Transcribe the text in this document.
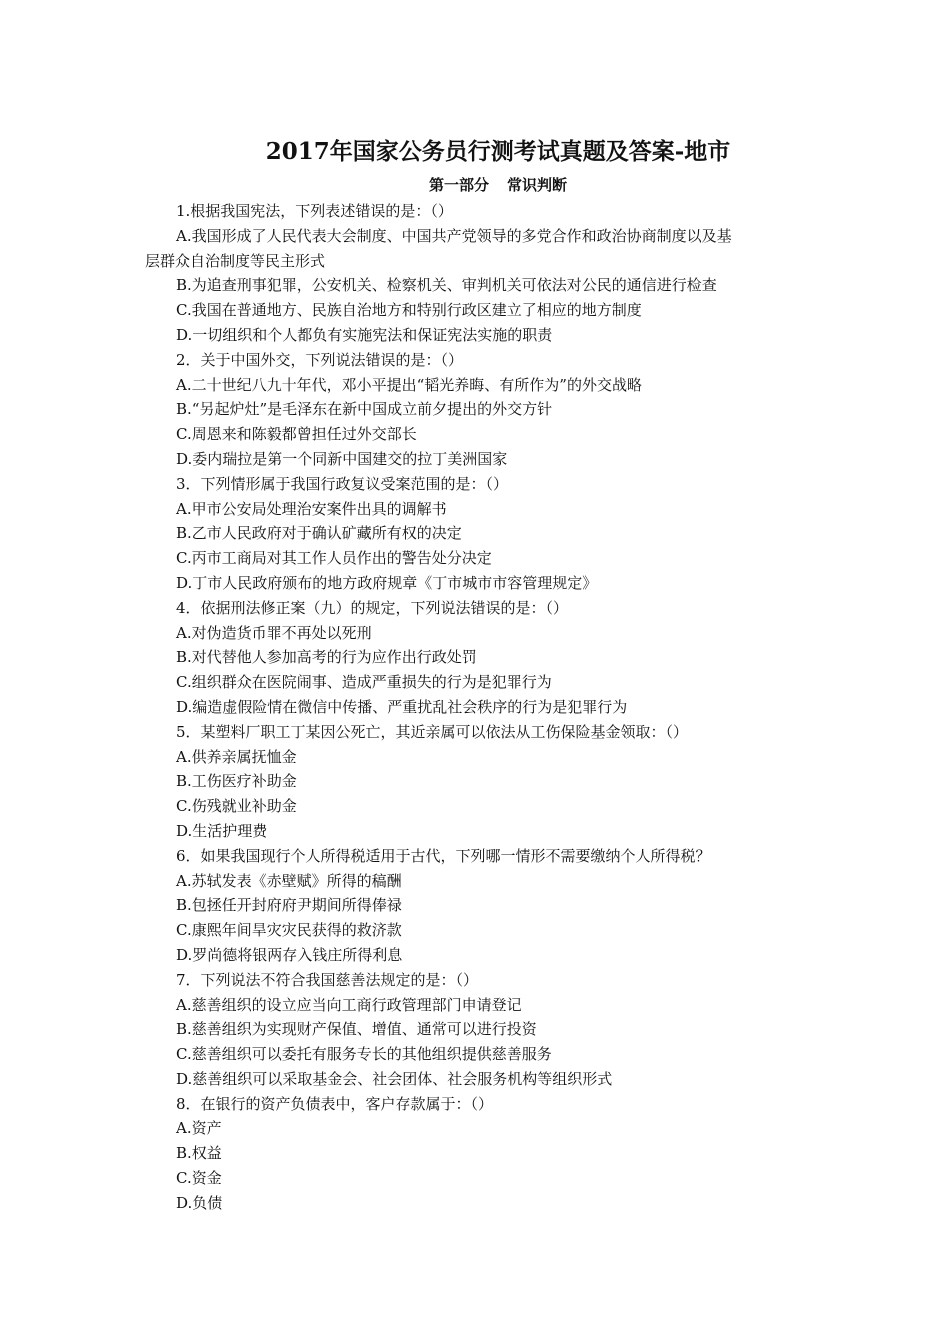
2017年国家公务员行测考试真题及答案-地市
第一部分 常识判断
1.根据我国宪法，下列表述错误的是：（）
A.我国形成了人民代表大会制度、中国共产党领导的多党合作和政治协商制度以及基
层群众自治制度等民主形式
B.为追查刑事犯罪，公安机关、检察机关、审判机关可依法对公民的通信进行检查
C.我国在普通地方、民族自治地方和特别行政区建立了相应的地方制度
D.一切组织和个人都负有实施宪法和保证宪法实施的职责
2．关于中国外交，下列说法错误的是：（）
A.二十世纪八九十年代，邓小平提出“韬光养晦、有所作为”的外交战略
B.“另起炉灶”是毛泽东在新中国成立前夕提出的外交方针
C.周恩来和陈毅都曾担任过外交部长
D.委内瑞拉是第一个同新中国建交的拉丁美洲国家
3．下列情形属于我国行政复议受案范围的是：（）
A.甲市公安局处理治安案件出具的调解书
B.乙市人民政府对于确认矿藏所有权的决定
C.丙市工商局对其工作人员作出的警告处分决定
D.丁市人民政府颁布的地方政府规章《丁市城市市容管理规定》
4．依据刑法修正案（九）的规定，下列说法错误的是：（）
A.对伪造货币罪不再处以死刑
B.对代替他人参加高考的行为应作出行政处罚
C.组织群众在医院闹事、造成严重损失的行为是犯罪行为
D.编造虚假险情在微信中传播、严重扰乱社会秩序的行为是犯罪行为
5．某塑料厂职工丁某因公死亡，其近亲属可以依法从工伤保险基金领取：（）
A.供养亲属抚恤金
B.工伤医疗补助金
C.伤残就业补助金
D.生活护理费
6．如果我国现行个人所得税适用于古代，下列哪一情形不需要缴纳个人所得税？
A.苏轼发表《赤壁赋》所得的稿酬
B.包拯任开封府府尹期间所得俸禄
C.康熙年间旱灾灾民获得的救济款
D.罗尚德将银两存入钱庄所得利息
7．下列说法不符合我国慈善法规定的是：（）
A.慈善组织的设立应当向工商行政管理部门申请登记
B.慈善组织为实现财产保值、增值、通常可以进行投资
C.慈善组织可以委托有服务专长的其他组织提供慈善服务
D.慈善组织可以采取基金会、社会团体、社会服务机构等组织形式
8．在银行的资产负债表中，客户存款属于：（）
A.资产
B.权益
C.资金
D.负债
